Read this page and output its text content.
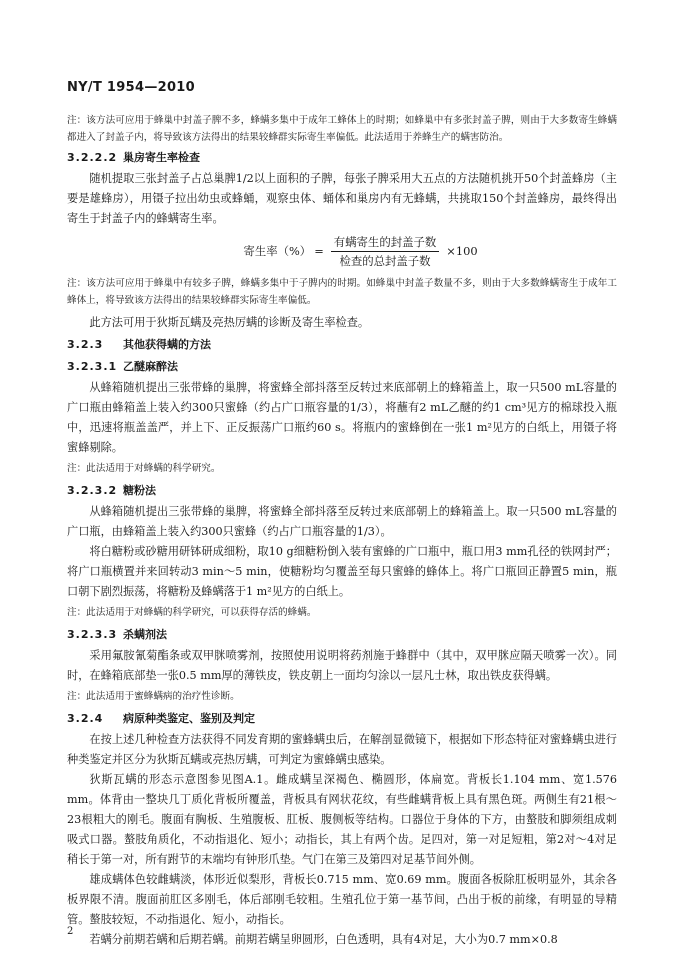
NY/T 1954—2010

注：该方法可应用于蜂巢中封盖子脾不多，蜂螨多集中于成年工蜂体上的时期；如蜂巢中有多张封盖子脾，则由于大多数寄生蜂螨都进入了封盖子内，将导致该方法得出的结果较蜂群实际寄生率偏低。此法适用于养蜂生产的螨害防治。

3.2.2.2 巢房寄生率检查

随机提取三张封盖子占总巢脾1/2以上面积的子脾，每张子脾采用大五点的方法随机挑开50个封盖蜂房（主要是雄蜂房），用镊子拉出幼虫或蜂蛹，观察虫体、蛹体和巢房内有无蜂螨，共挑取150个封盖蜂房，最终得出寄生于封盖子内的蜂螨寄生率。

寄生率（%） = $\frac{\text{有螨寄生的封盖子数}}{\text{检查的总封盖子数}} \times 100$

注：该方法可应用于蜂巢中有较多子脾，蜂螨多集中于子脾内的时期。如蜂巢中封盖子数量不多，则由于大多数蜂螨寄生于成年工蜂体上，将导致该方法得出的结果较蜂群实际寄生率偏低。

此方法可用于狄斯瓦螨及亮热厉螨的诊断及寄生率检查。

3.2.3 其他获得螨的方法
3.2.3.1 乙醚麻醉法

从蜂箱随机提出三张带蜂的巢脾，将蜜蜂全部抖落至反转过来底部朝上的蜂箱盖上，取一只500 mL容量的广口瓶由蜂箱盖上装入约300只蜜蜂（约占广口瓶容量的1/3），将蘸有2 mL乙醚的约1 cm³见方的棉球投入瓶中，迅速将瓶盖盖严，并上下、正反振荡广口瓶约60 s。将瓶内的蜜蜂倒在一张1 m²见方的白纸上，用镊子将蜜蜂剔除。

注：此法适用于对蜂螨的科学研究。

3.2.3.2 糖粉法

从蜂箱随机提出三张带蜂的巢脾，将蜜蜂全部抖落至反转过来底部朝上的蜂箱盖上。取一只500 mL容量的广口瓶，由蜂箱盖上装入约300只蜜蜂（约占广口瓶容量的1/3）。

将白糖粉或砂糖用研钵研成细粉，取10 g细糖粉倒入装有蜜蜂的广口瓶中，瓶口用3 mm孔径的铁网封严；将广口瓶横置并来回转动3 min～5 min，使糖粉均匀覆盖至每只蜜蜂的蜂体上。将广口瓶回正静置5 min，瓶口朝下剧烈振荡，将糖粉及蜂螨落于1 m²见方的白纸上。

注：此法适用于对蜂螨的科学研究，可以获得存活的蜂螨。

3.2.3.3 杀螨剂法

采用氟胺氰菊酯条或双甲脒喷雾剂，按照使用说明将药剂施于蜂群中（其中，双甲脒应隔天喷雾一次）。同时，在蜂箱底部垫一张0.5 mm厚的薄铁皮，铁皮朝上一面均匀涂以一层凡士林，取出铁皮获得螨。

注：此法适用于蜜蜂螨病的治疗性诊断。

3.2.4 病原种类鉴定、鉴别及判定

在按上述几种检查方法获得不同发育期的蜜蜂螨虫后，在解剖显微镜下，根据如下形态特征对蜜蜂螨虫进行种类鉴定并区分为狄斯瓦螨或亮热厉螨，可判定为蜜蜂螨虫感染。

狄斯瓦螨的形态示意图参见图A.1。雌成螨呈深褐色、椭圆形，体扁宽。背板长1.104 mm、宽1.576 mm。体背由一整块几丁质化背板所覆盖，背板具有网状花纹，有些雌螨背板上具有黑色斑。两侧生有21根～23根粗大的刚毛。腹面有胸板、生殖腹板、肛板、腹侧板等结构。口器位于身体的下方，由螯肢和脚须组成刺吸式口器。螯肢角质化，不动指退化、短小；动指长，其上有两个齿。足四对，第一对足短粗，第2对～4对足稍长于第一对，所有跗节的末端均有钟形爪垫。气门在第三及第四对足基节间外侧。

雄成螨体色较雌螨淡，体形近似梨形，背板长0.715 mm、宽0.69 mm。腹面各板除肛板明显外，其余各板界限不清。腹面前肛区多刚毛，体后部刚毛较粗。生殖孔位于第一基节间，凸出于板的前缘，有明显的导精管。螯肢较短，不动指退化、短小，动指长。

若螨分前期若螨和后期若螨。前期若螨呈卵圆形，白色透明，具有4对足，大小为0.7 mm×0.8

2
